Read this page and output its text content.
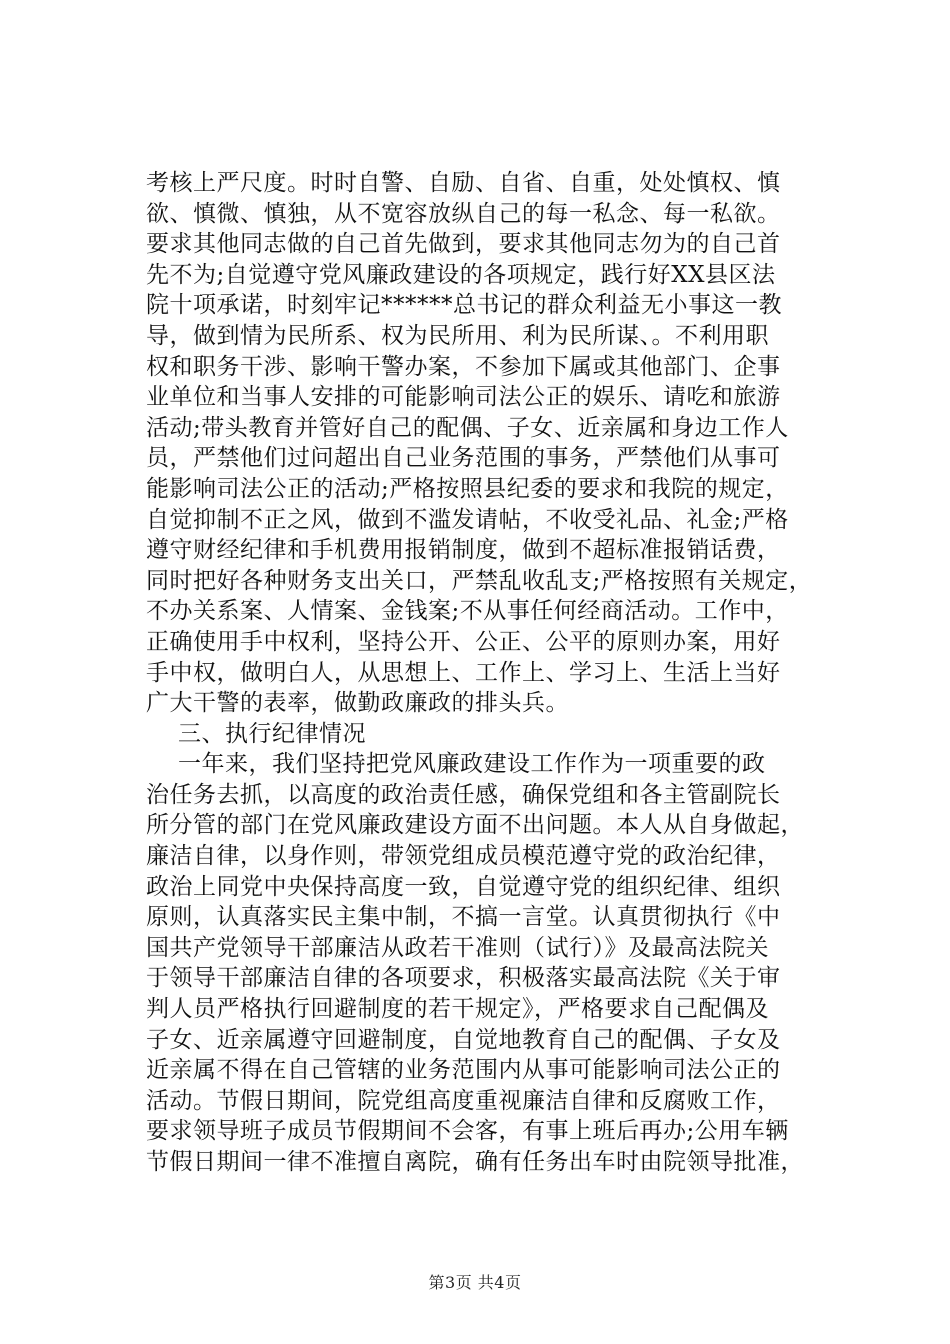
考核上严尺度。时时自警、自励、自省、自重，处处慎权、慎
欲、慎微、慎独，从不宽容放纵自己的每一私念、每一私欲。
要求其他同志做的自己首先做到，要求其他同志勿为的自己首
先不为;自觉遵守党风廉政建设的各项规定，践行好XX县区法
院十项承诺，时刻牢记******总书记的群众利益无小事这一教
导，做到情为民所系、权为民所用、利为民所谋、。不利用职
权和职务干涉、影响干警办案，不参加下属或其他部门、企事
业单位和当事人安排的可能影响司法公正的娱乐、请吃和旅游
活动;带头教育并管好自己的配偶、子女、近亲属和身边工作人
员，严禁他们过问超出自己业务范围的事务，严禁他们从事可
能影响司法公正的活动;严格按照县纪委的要求和我院的规定，
自觉抑制不正之风，做到不滥发请帖，不收受礼品、礼金;严格
遵守财经纪律和手机费用报销制度，做到不超标准报销话费，
同时把好各种财务支出关口，严禁乱收乱支;严格按照有关规定，
不办关系案、人情案、金钱案;不从事任何经商活动。工作中，
正确使用手中权利，坚持公开、公正、公平的原则办案，用好
手中权，做明白人，从思想上、工作上、学习上、生活上当好
广大干警的表率，做勤政廉政的排头兵。
三、执行纪律情况
一年来，我们坚持把党风廉政建设工作作为一项重要的政
治任务去抓，以高度的政治责任感，确保党组和各主管副院长
所分管的部门在党风廉政建设方面不出问题。本人从自身做起，
廉洁自律，以身作则，带领党组成员模范遵守党的政治纪律，
政治上同党中央保持高度一致，自觉遵守党的组织纪律、组织
原则，认真落实民主集中制，不搞一言堂。认真贯彻执行《中
国共产党领导干部廉洁从政若干准则（试行）》及最高法院关
于领导干部廉洁自律的各项要求，积极落实最高法院《关于审
判人员严格执行回避制度的若干规定》，严格要求自己配偶及
子女、近亲属遵守回避制度，自觉地教育自己的配偶、子女及
近亲属不得在自己管辖的业务范围内从事可能影响司法公正的
活动。节假日期间，院党组高度重视廉洁自律和反腐败工作，
要求领导班子成员节假期间不会客，有事上班后再办;公用车辆
节假日期间一律不准擅自离院，确有任务出车时由院领导批准，
第3页 共4页
